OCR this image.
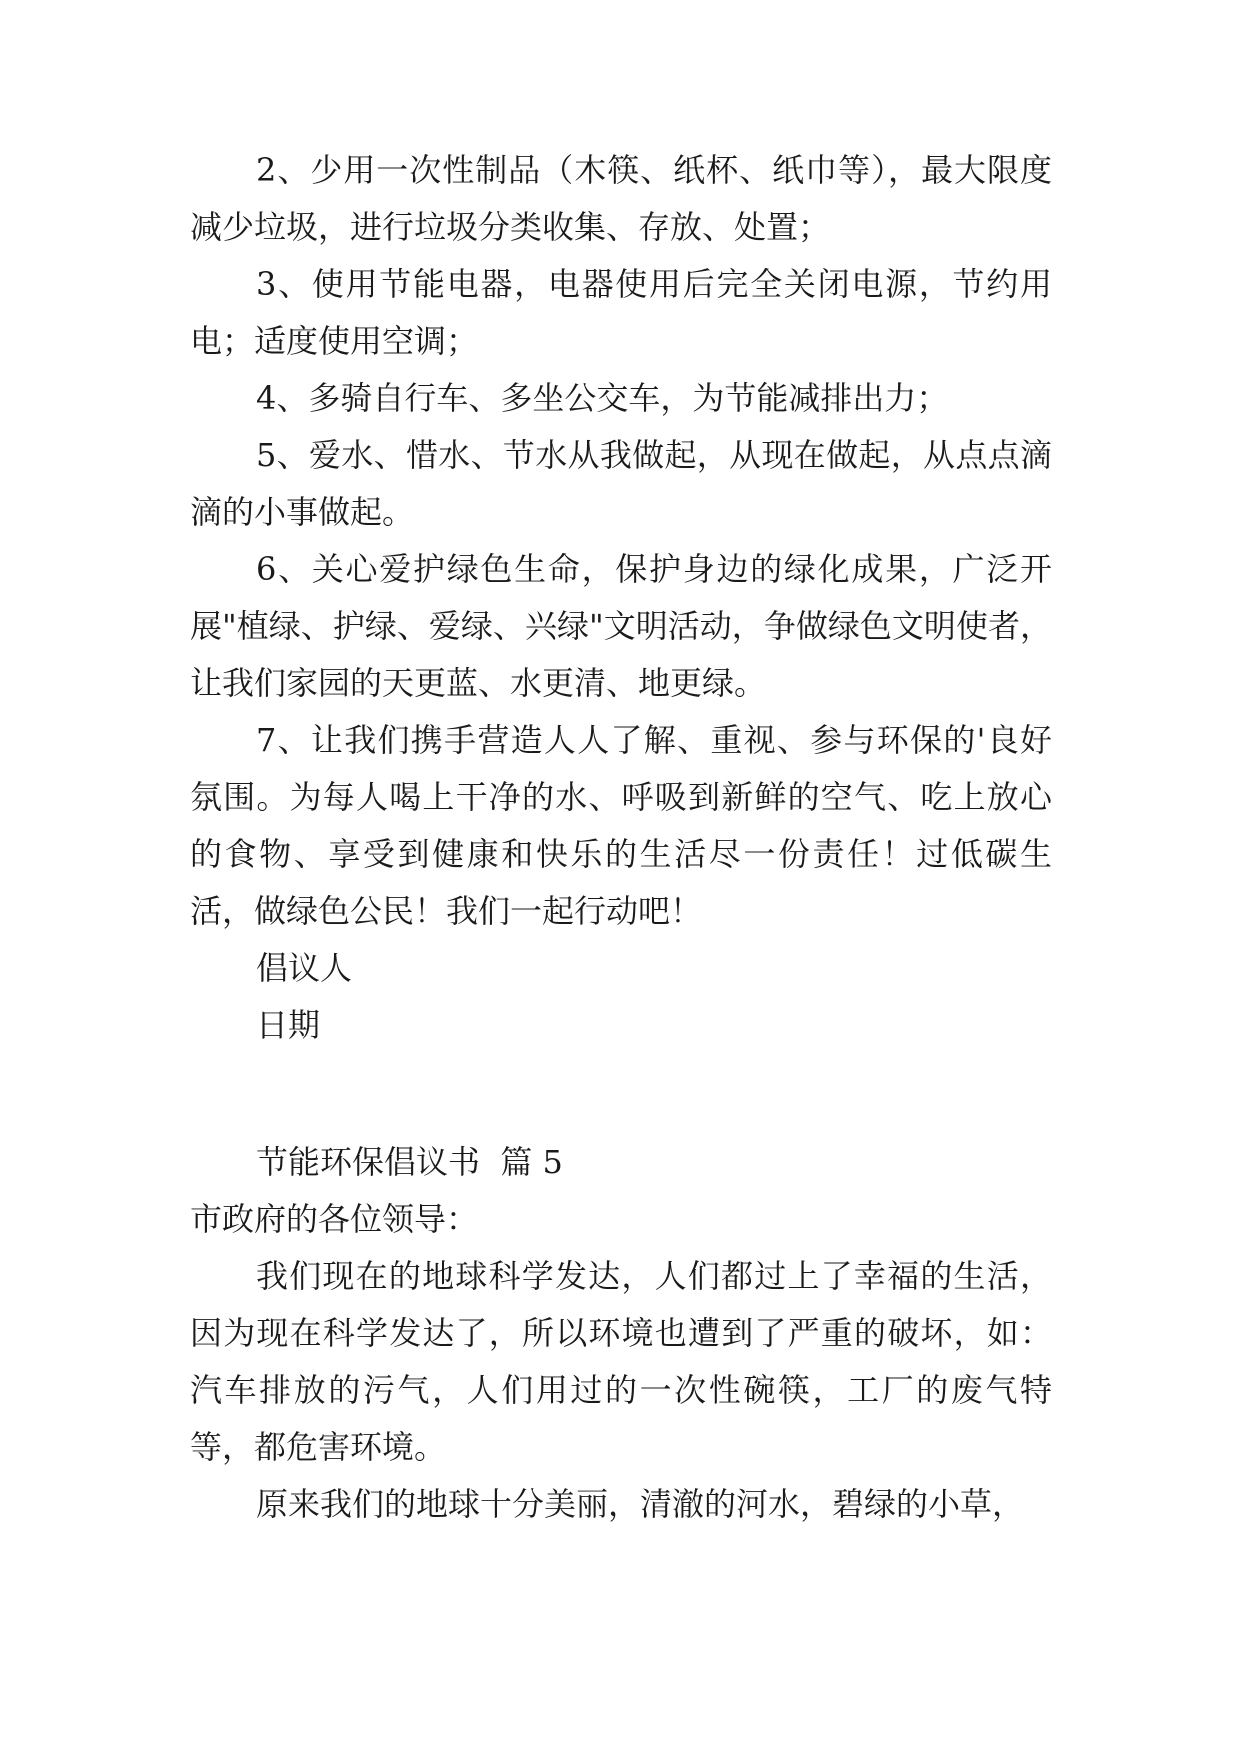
2、少用一次性制品（木筷、纸杯、纸巾等），最大限度减少垃圾，进行垃圾分类收集、存放、处置；

3、使用节能电器，电器使用后完全关闭电源，节约用电；适度使用空调；

4、多骑自行车、多坐公交车，为节能减排出力；

5、爱水、惜水、节水从我做起，从现在做起，从点点滴滴的小事做起。

6、关心爱护绿色生命，保护身边的绿化成果，广泛开展"植绿、护绿、爱绿、兴绿"文明活动，争做绿色文明使者，让我们家园的天更蓝、水更清、地更绿。

7、让我们携手营造人人了解、重视、参与环保的'良好氛围。为每人喝上干净的水、呼吸到新鲜的空气、吃上放心的食物、享受到健康和快乐的生活尽一份责任！过低碳生活，做绿色公民！我们一起行动吧！

倡议人

日期

节能环保倡议书  篇 5

市政府的各位领导：

我们现在的地球科学发达，人们都过上了幸福的生活，因为现在科学发达了，所以环境也遭到了严重的破坏，如：汽车排放的污气，人们用过的一次性碗筷，工厂的废气特等，都危害环境。

原来我们的地球十分美丽，清澈的河水，碧绿的小草，
